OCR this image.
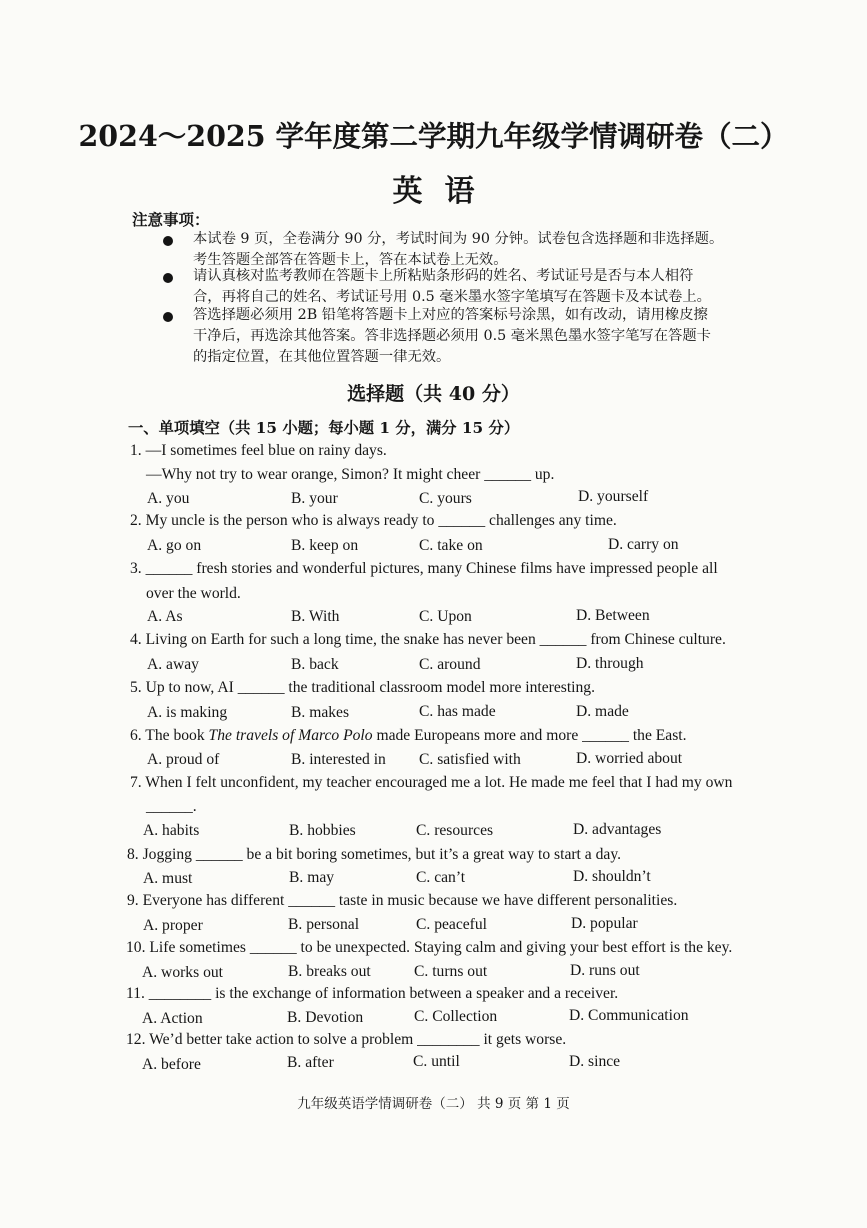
2024～2025 学年度第二学期九年级学情调研卷（二）
英语
注意事项：
本试卷 9 页，全卷满分 90 分，考试时间为 90 分钟。试卷包含选择题和非选择题。
考生答题全部答在答题卡上，答在本试卷上无效。
请认真核对监考教师在答题卡上所粘贴条形码的姓名、考试证号是否与本人相符
合，再将自己的姓名、考试证号用 0.5 毫米墨水签字笔填写在答题卡及本试卷上。
答选择题必须用 2B 铅笔将答题卡上对应的答案标号涂黑，如有改动，请用橡皮擦
干净后，再选涂其他答案。答非选择题必须用 0.5 毫米黑色墨水签字笔写在答题卡
的指定位置，在其他位置答题一律无效。
选择题（共 40 分）
一、单项填空（共 15 小题；每小题 1 分，满分 15 分）
1. —I sometimes feel blue on rainy days.
—Why not try to wear orange, Simon? It might cheer ______ up.
A. you	B. your	C. yours	D. yourself
2. My uncle is the person who is always ready to ______ challenges any time.
A. go on	B. keep on	C. take on	D. carry on
3. ______ fresh stories and wonderful pictures, many Chinese films have impressed people all
over the world.
A. As	B. With	C. Upon	D. Between
4. Living on Earth for such a long time, the snake has never been ______ from Chinese culture.
A. away	B. back	C. around	D. through
5. Up to now, AI ______ the traditional classroom model more interesting.
A. is making	B. makes	C. has made	D. made
6. The book The travels of Marco Polo made Europeans more and more ______ the East.
A. proud of	B. interested in C. satisfied with	D. worried about
7. When I felt unconfident, my teacher encouraged me a lot. He made me feel that I had my own
______.
A. habits	B. hobbies	C. resources	D. advantages
8. Jogging ______ be a bit boring sometimes, but it’s a great way to start a day.
A. must	B. may	C. can’t	D. shouldn’t
9. Everyone has different ______ taste in music because we have different personalities.
A. proper	B. personal	C. peaceful	D. popular
10. Life sometimes ______ to be unexpected. Staying calm and giving your best effort is the key.
A. works out	B. breaks out	C. turns out	D. runs out
11. ________ is the exchange of information between a speaker and a receiver.
A. Action	B. Devotion	C. Collection	D. Communication
12. We’d better take action to solve a problem ________ it gets worse.
A. before	B. after	C. until	D. since
九年级英语学情调研卷（二） 共 9 页 第 1 页
